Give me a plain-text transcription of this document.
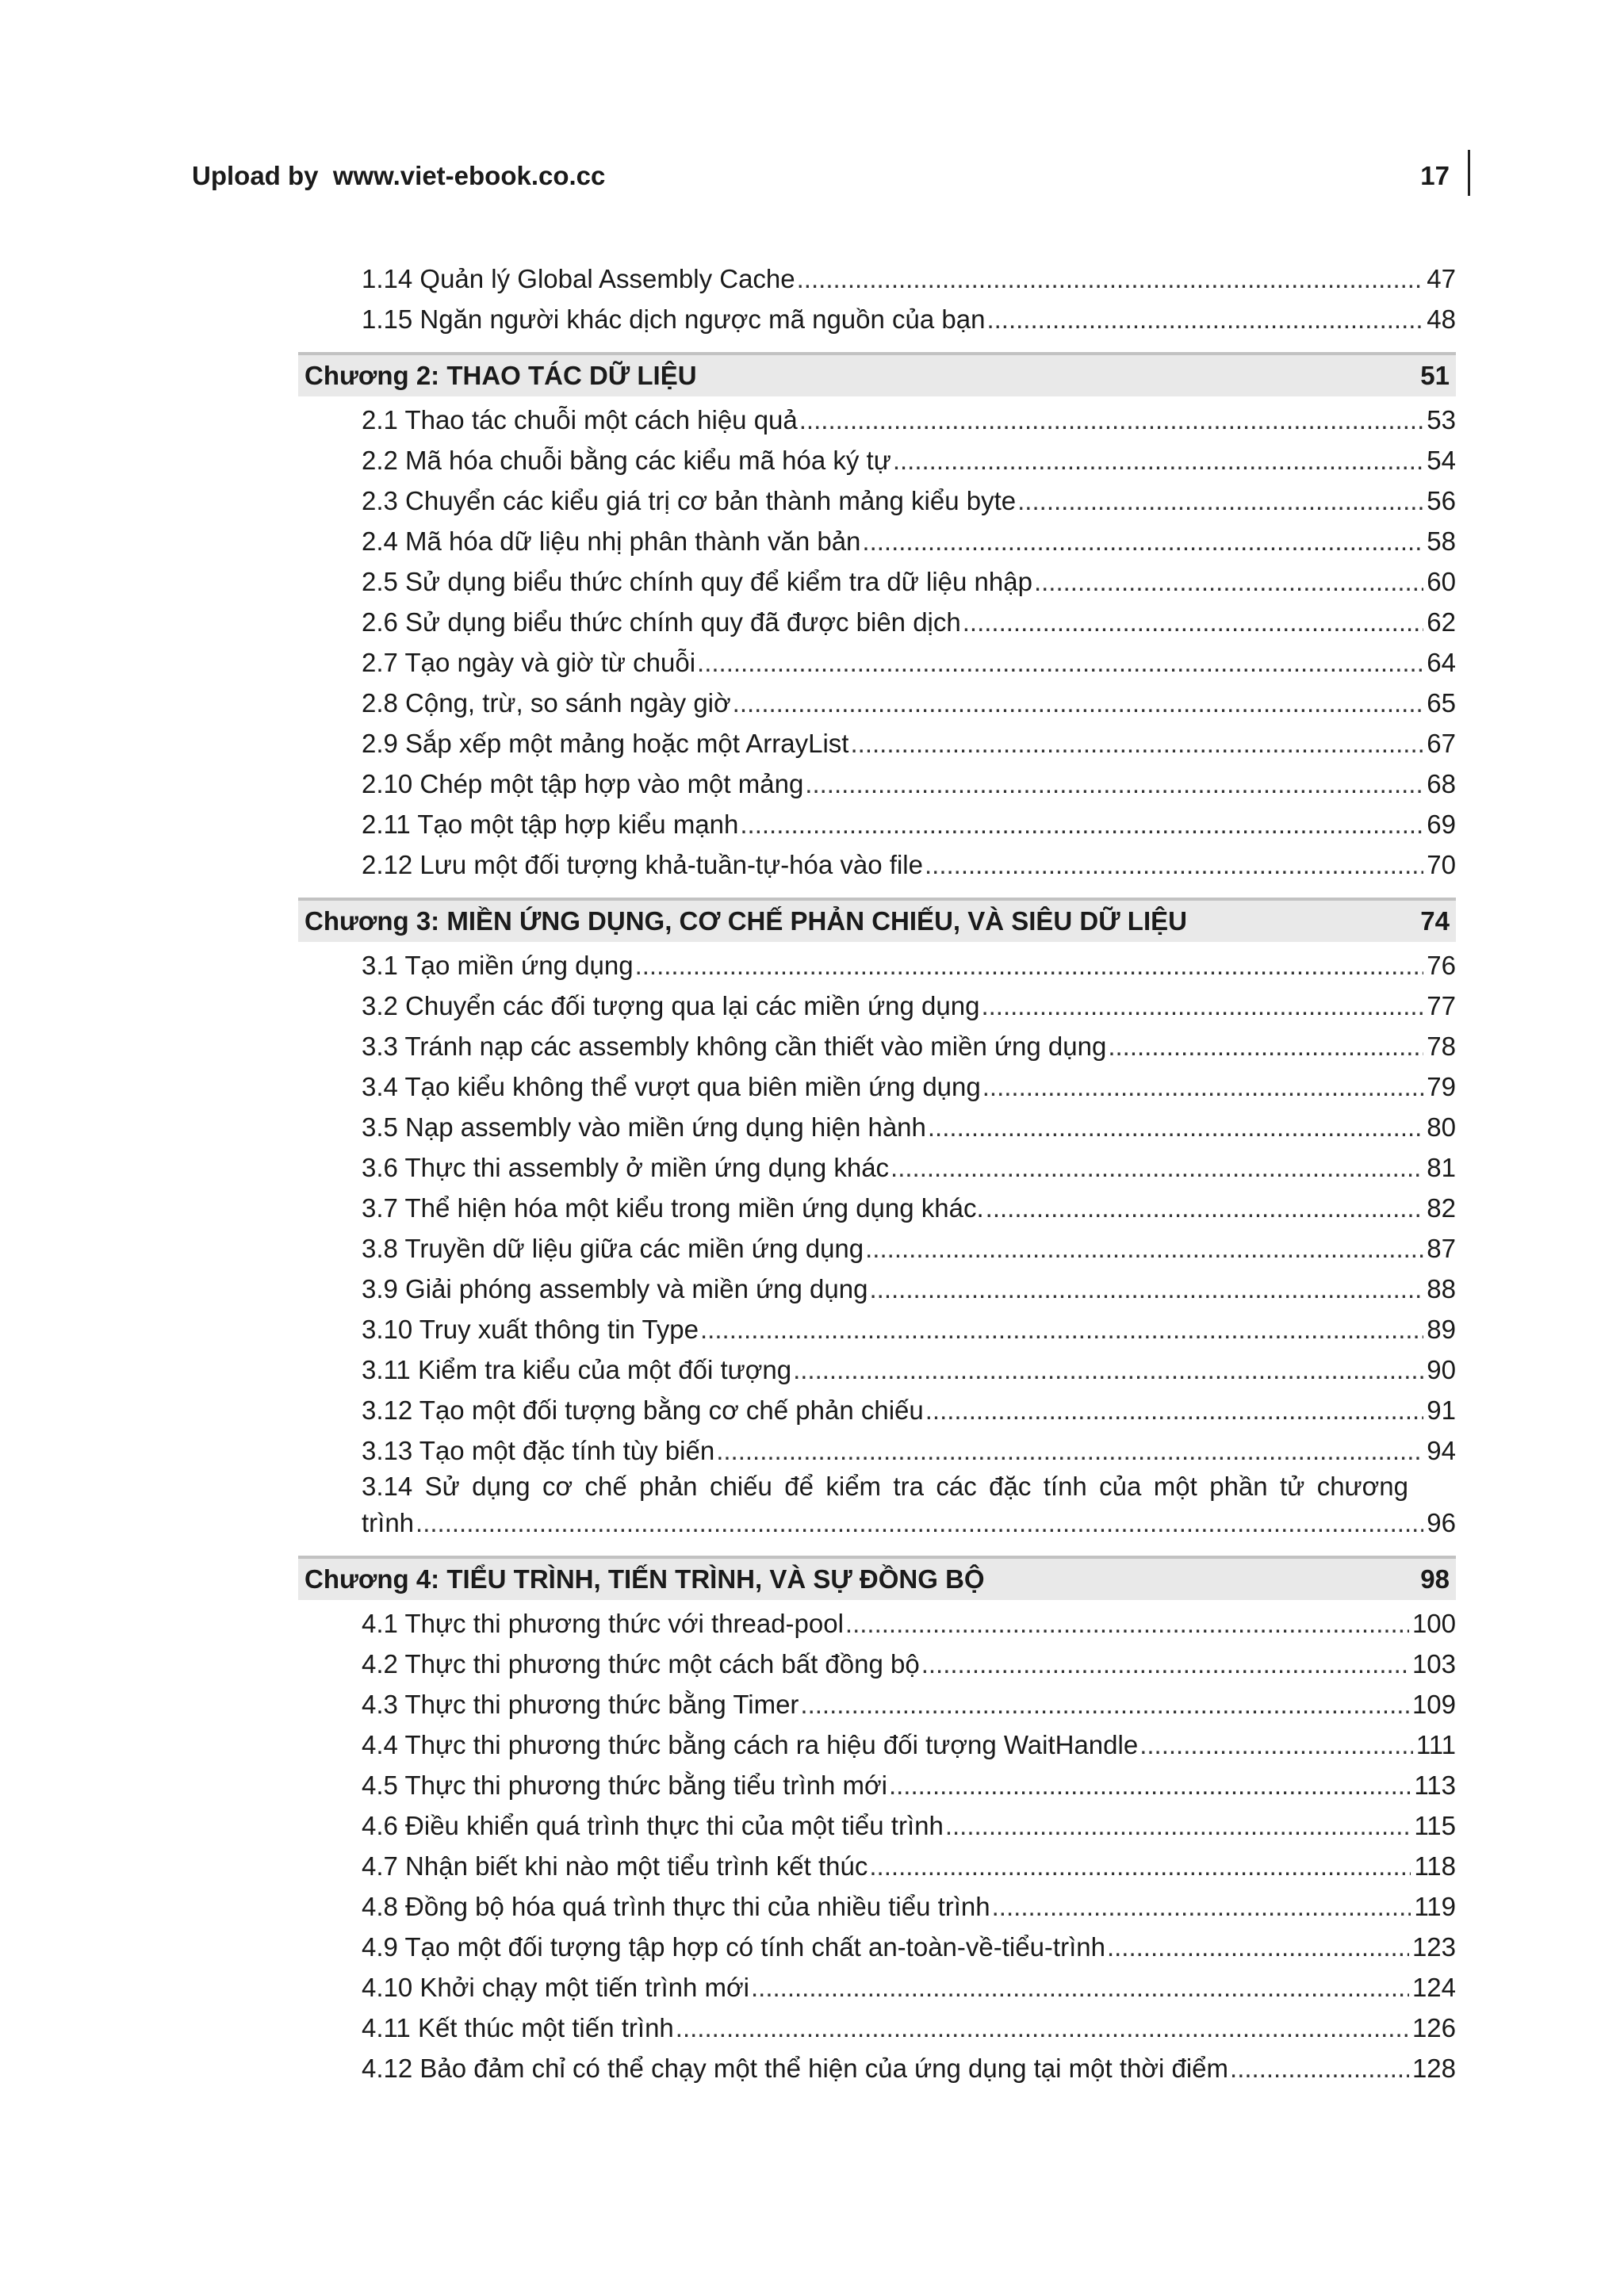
Upload by  www.viet-ebook.co.cc	17
1.14 Quản lý Global Assembly Cache .....	47
1.15 Ngăn người khác dịch ngược mã nguồn của bạn .....	48
Chương 2: THAO TÁC DỮ LIỆU	51
2.1 Thao tác chuỗi một cách hiệu quả .....	53
2.2 Mã hóa chuỗi bằng các kiểu mã hóa ký tự .....	54
2.3 Chuyển các kiểu giá trị cơ bản thành mảng kiểu byte .....	56
2.4 Mã hóa dữ liệu nhị phân thành văn bản .....	58
2.5 Sử dụng biểu thức chính quy để kiểm tra dữ liệu nhập .....	60
2.6 Sử dụng biểu thức chính quy đã được biên dịch .....	62
2.7 Tạo ngày và giờ từ chuỗi .....	64
2.8 Cộng, trừ, so sánh ngày giờ .....	65
2.9 Sắp xếp một mảng hoặc một ArrayList .....	67
2.10 Chép một tập hợp vào một mảng .....	68
2.11 Tạo một tập hợp kiểu mạnh .....	69
2.12 Lưu một đối tượng khả-tuần-tự-hóa vào file .....	70
Chương 3: MIỀN ỨNG DỤNG, CƠ CHẾ PHẢN CHIẾU, VÀ SIÊU DỮ LIỆU	74
3.1 Tạo miền ứng dụng .....	76
3.2 Chuyển các đối tượng qua lại các miền ứng dụng .....	77
3.3 Tránh nạp các assembly không cần thiết vào miền ứng dụng .....	78
3.4 Tạo kiểu không thể vượt qua biên miền ứng dụng .....	79
3.5 Nạp assembly vào miền ứng dụng hiện hành .....	80
3.6 Thực thi assembly ở miền ứng dụng khác .....	81
3.7 Thể hiện hóa một kiểu trong miền ứng dụng khác. .....	82
3.8 Truyền dữ liệu giữa các miền ứng dụng .....	87
3.9 Giải phóng assembly và miền ứng dụng .....	88
3.10 Truy xuất thông tin Type .....	89
3.11 Kiểm tra kiểu của một đối tượng .....	90
3.12 Tạo một đối tượng bằng cơ chế phản chiếu .....	91
3.13 Tạo một đặc tính tùy biến .....	94
3.14 Sử dụng cơ chế phản chiếu để kiểm tra các đặc tính của một phần tử chương
trình .....	96
Chương 4: TIỂU TRÌNH, TIẾN TRÌNH, VÀ SỰ ĐỒNG BỘ	98
4.1 Thực thi phương thức với thread-pool .....	100
4.2 Thực thi phương thức một cách bất đồng bộ .....	103
4.3 Thực thi phương thức bằng Timer .....	109
4.4 Thực thi phương thức bằng cách ra hiệu đối tượng WaitHandle .....	111
4.5 Thực thi phương thức bằng tiểu trình mới .....	113
4.6 Điều khiển quá trình thực thi của một tiểu trình .....	115
4.7 Nhận biết khi nào một tiểu trình kết thúc .....	118
4.8 Đồng bộ hóa quá trình thực thi của nhiều tiểu trình .....	119
4.9 Tạo một đối tượng tập hợp có tính chất an-toàn-về-tiểu-trình .....	123
4.10 Khởi chạy một tiến trình mới .....	124
4.11 Kết thúc một tiến trình .....	126
4.12 Bảo đảm chỉ có thể chạy một thể hiện của ứng dụng tại một thời điểm .....	128
